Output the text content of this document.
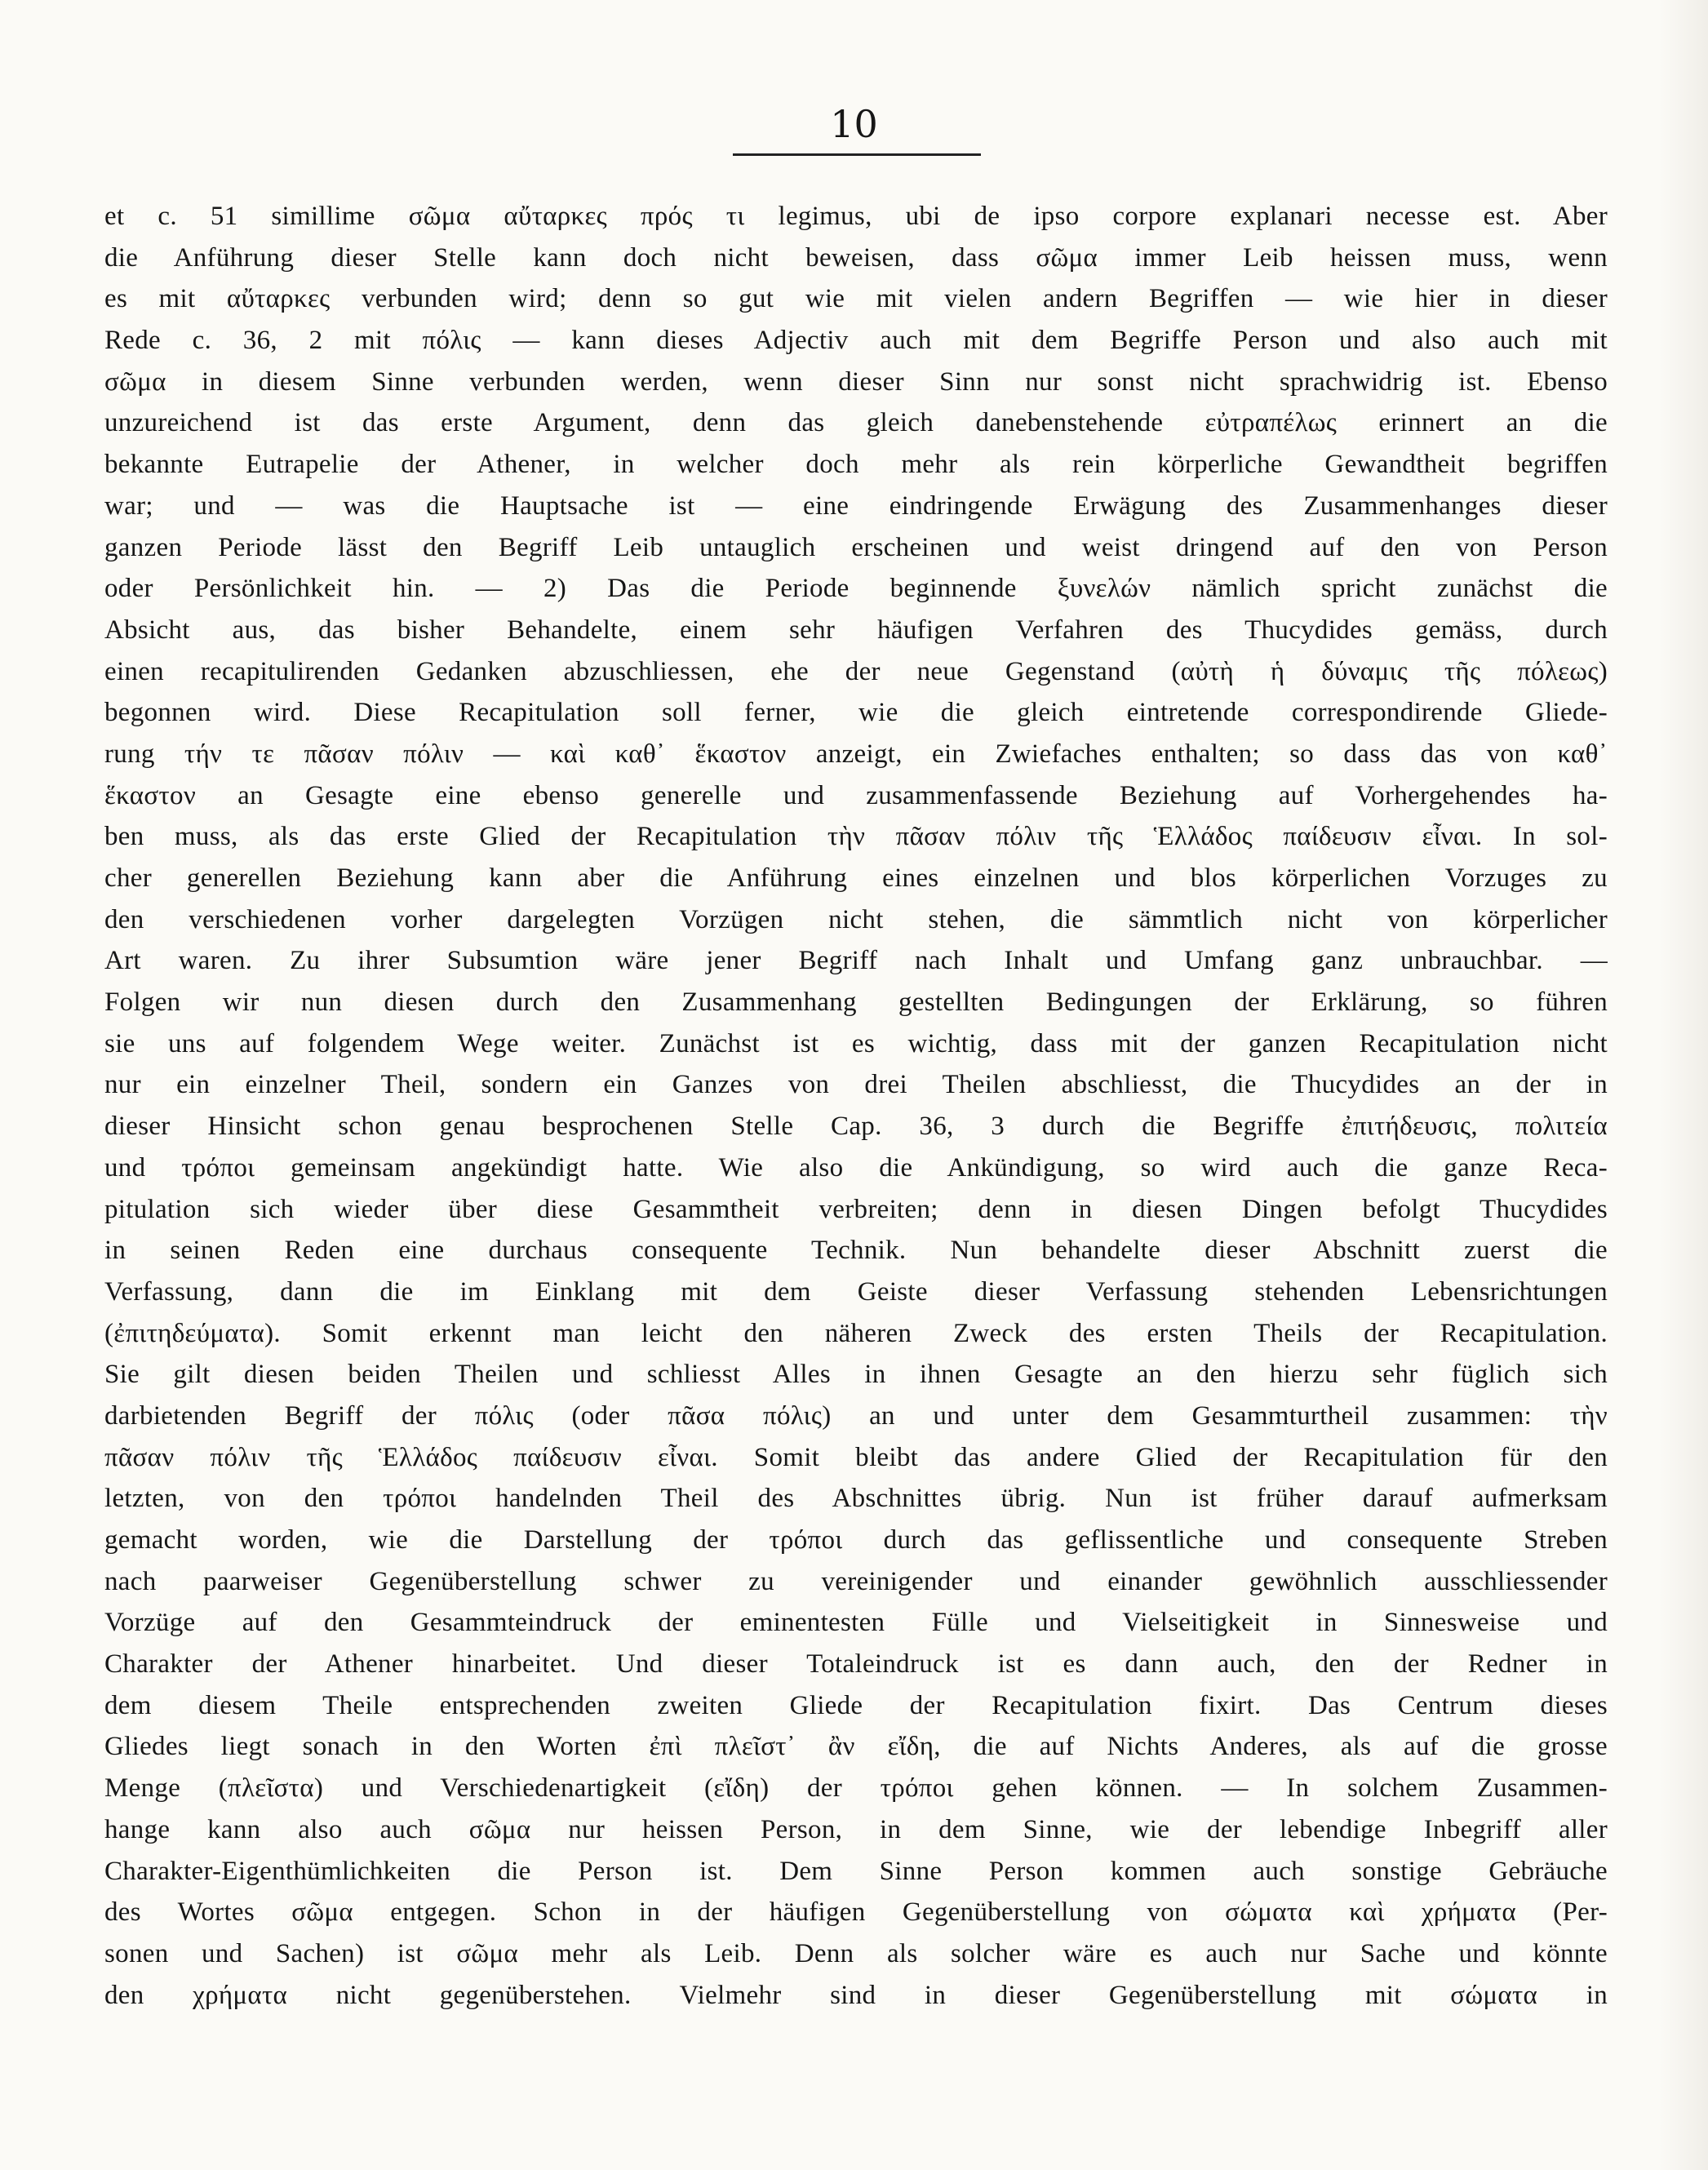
10
et c. 51 simillime σῶμα αὔταρκες πρός τι legimus, ubi de ipso corpore explanari necesse est. Aber
die Anführung dieser Stelle kann doch nicht beweisen, dass σῶμα immer Leib heissen muss, wenn
es mit αὔταρκες verbunden wird; denn so gut wie mit vielen andern Begriffen — wie hier in dieser
Rede c. 36, 2 mit πόλις — kann dieses Adjectiv auch mit dem Begriffe Person und also auch mit
σῶμα in diesem Sinne verbunden werden, wenn dieser Sinn nur sonst nicht sprachwidrig ist. Ebenso
unzureichend ist das erste Argument, denn das gleich danebenstehende εὐτραπέλως erinnert an die
bekannte Eutrapelie der Athener, in welcher doch mehr als rein körperliche Gewandtheit begriffen
war; und — was die Hauptsache ist — eine eindringende Erwägung des Zusammenhanges dieser
ganzen Periode lässt den Begriff Leib untauglich erscheinen und weist dringend auf den von Person
oder Persönlichkeit hin. — 2) Das die Periode beginnende ξυνελών nämlich spricht zunächst die
Absicht aus, das bisher Behandelte, einem sehr häufigen Verfahren des Thucydides gemäss, durch
einen recapitulirenden Gedanken abzuschliessen, ehe der neue Gegenstand (αὐτὴ ἡ δύναμις τῆς πόλεως)
begonnen wird. Diese Recapitulation soll ferner, wie die gleich eintretende correspondirende Gliede-
rung τήν τε πᾶσαν πόλιν — καὶ καθ᾽ ἕκαστον anzeigt, ein Zwiefaches enthalten; so dass das von καθ᾽
ἕκαστον an Gesagte eine ebenso generelle und zusammenfassende Beziehung auf Vorhergehendes ha-
ben muss, als das erste Glied der Recapitulation τὴν πᾶσαν πόλιν τῆς Ἑλλάδος παίδευσιν εἶναι. In sol-
cher generellen Beziehung kann aber die Anführung eines einzelnen und blos körperlichen Vorzuges zu
den verschiedenen vorher dargelegten Vorzügen nicht stehen, die sämmtlich nicht von körperlicher
Art waren. Zu ihrer Subsumtion wäre jener Begriff nach Inhalt und Umfang ganz unbrauchbar. —
Folgen wir nun diesen durch den Zusammenhang gestellten Bedingungen der Erklärung, so führen
sie uns auf folgendem Wege weiter. Zunächst ist es wichtig, dass mit der ganzen Recapitulation nicht
nur ein einzelner Theil, sondern ein Ganzes von drei Theilen abschliesst, die Thucydides an der in
dieser Hinsicht schon genau besprochenen Stelle Cap. 36, 3 durch die Begriffe ἐπιτήδευσις, πολιτεία
und τρόποι gemeinsam angekündigt hatte. Wie also die Ankündigung, so wird auch die ganze Reca-
pitulation sich wieder über diese Gesammtheit verbreiten; denn in diesen Dingen befolgt Thucydides
in seinen Reden eine durchaus consequente Technik. Nun behandelte dieser Abschnitt zuerst die
Verfassung, dann die im Einklang mit dem Geiste dieser Verfassung stehenden Lebensrichtungen
(ἐπιτηδεύματα). Somit erkennt man leicht den näheren Zweck des ersten Theils der Recapitulation.
Sie gilt diesen beiden Theilen und schliesst Alles in ihnen Gesagte an den hierzu sehr füglich sich
darbietenden Begriff der πόλις (oder πᾶσα πόλις) an und unter dem Gesammturtheil zusammen: τὴν
πᾶσαν πόλιν τῆς Ἑλλάδος παίδευσιν εἶναι. Somit bleibt das andere Glied der Recapitulation für den
letzten, von den τρόποι handelnden Theil des Abschnittes übrig. Nun ist früher darauf aufmerksam
gemacht worden, wie die Darstellung der τρόποι durch das geflissentliche und consequente Streben
nach paarweiser Gegenüberstellung schwer zu vereinigender und einander gewöhnlich ausschliessender
Vorzüge auf den Gesammteindruck der eminentesten Fülle und Vielseitigkeit in Sinnesweise und
Charakter der Athener hinarbeitet. Und dieser Totaleindruck ist es dann auch, den der Redner in
dem diesem Theile entsprechenden zweiten Gliede der Recapitulation fixirt. Das Centrum dieses
Gliedes liegt sonach in den Worten ἐπὶ πλεῖστ᾽ ἂν εἴδη, die auf Nichts Anderes, als auf die grosse
Menge (πλεῖστα) und Verschiedenartigkeit (εἴδη) der τρόποι gehen können. — In solchem Zusammen-
hange kann also auch σῶμα nur heissen Person, in dem Sinne, wie der lebendige Inbegriff aller
Charakter-Eigenthümlichkeiten die Person ist. Dem Sinne Person kommen auch sonstige Gebräuche
des Wortes σῶμα entgegen. Schon in der häufigen Gegenüberstellung von σώματα καὶ χρήματα (Per-
sonen und Sachen) ist σῶμα mehr als Leib. Denn als solcher wäre es auch nur Sache und könnte
den χρήματα nicht gegenüberstehen. Vielmehr sind in dieser Gegenüberstellung mit σώματα in
